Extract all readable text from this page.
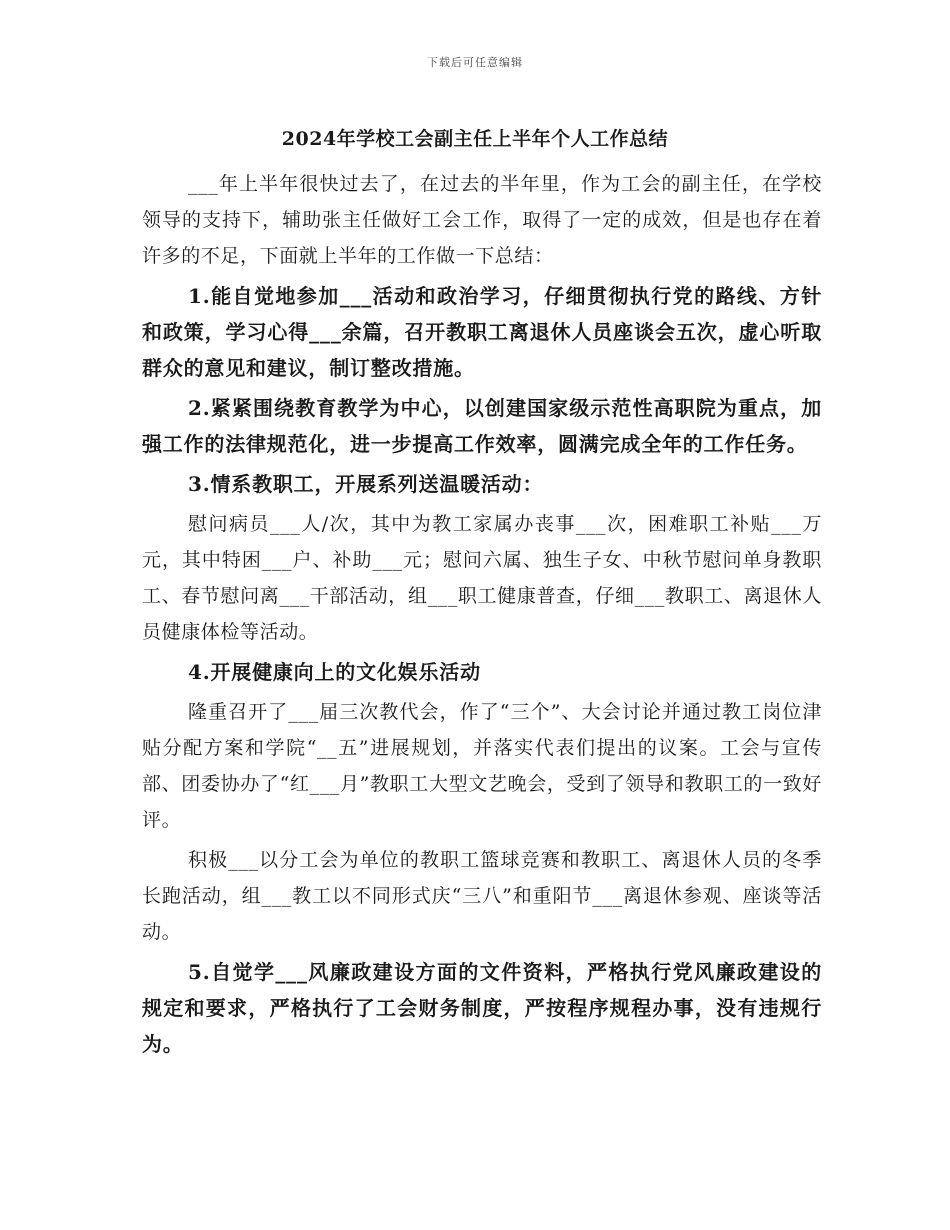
下载后可任意编辑
2024年学校工会副主任上半年个人工作总结

___年上半年很快过去了，在过去的半年里，作为工会的副主任，在学校领导的支持下，辅助张主任做好工会工作，取得了一定的成效，但是也存在着许多的不足，下面就上半年的工作做一下总结：

1.能自觉地参加___活动和政治学习，仔细贯彻执行党的路线、方针和政策，学习心得___余篇，召开教职工离退休人员座谈会五次，虚心听取群众的意见和建议，制订整改措施。

2.紧紧围绕教育教学为中心，以创建国家级示范性高职院为重点，加强工作的法律规范化，进一步提高工作效率，圆满完成全年的工作任务。

3.情系教职工，开展系列送温暖活动：

慰问病员___人/次，其中为教工家属办丧事___次，困难职工补贴___万元，其中特困___户、补助___元；慰问六属、独生子女、中秋节慰问单身教职工、春节慰问离___干部活动，组___职工健康普查，仔细___教职工、离退休人员健康体检等活动。

4.开展健康向上的文化娱乐活动

隆重召开了___届三次教代会，作了“三个”、大会讨论并通过教工岗位津贴分配方案和学院“__五”进展规划，并落实代表们提出的议案。工会与宣传部、团委协办了“红___月”教职工大型文艺晚会，受到了领导和教职工的一致好评。

积极___以分工会为单位的教职工篮球竞赛和教职工、离退休人员的冬季长跑活动，组___教工以不同形式庆“三八”和重阳节___离退休参观、座谈等活动。

5.自觉学___风廉政建设方面的文件资料，严格执行党风廉政建设的规定和要求，严格执行了工会财务制度，严按程序规程办事，没有违规行为。
